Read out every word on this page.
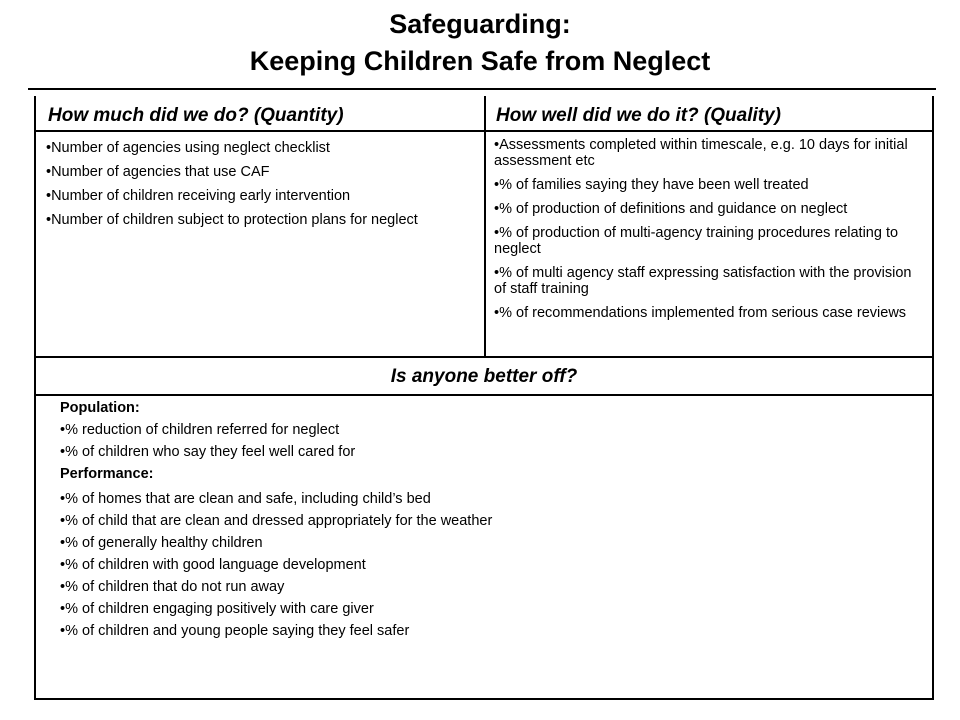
Safeguarding:
Keeping Children Safe from Neglect
How much did we do? (Quantity)	How well did we do it? (Quality)
Is anyone better off?
• Number of agencies using neglect checklist
• Number of agencies that use CAF
• Number of children receiving early intervention
• Number of children subject to protection plans for neglect
• Assessments completed within timescale, e.g. 10 days for initial assessment etc
• % of families saying they have been well treated
• % of production of definitions and guidance on neglect
• % of production of multi-agency training procedures relating to neglect
• % of multi agency staff expressing satisfaction with the provision of staff training
• % of recommendations implemented from serious case reviews
Population:
• % reduction of children referred for neglect
• % of children who say they feel well cared for
Performance:
• % of homes that are clean and safe, including child’s bed
• % of child that are clean and dressed appropriately for the weather
• % of generally healthy children
• % of children with good language development
• % of children that do not run away
• % of children engaging positively with care giver
• % of children and young people saying they feel safer
